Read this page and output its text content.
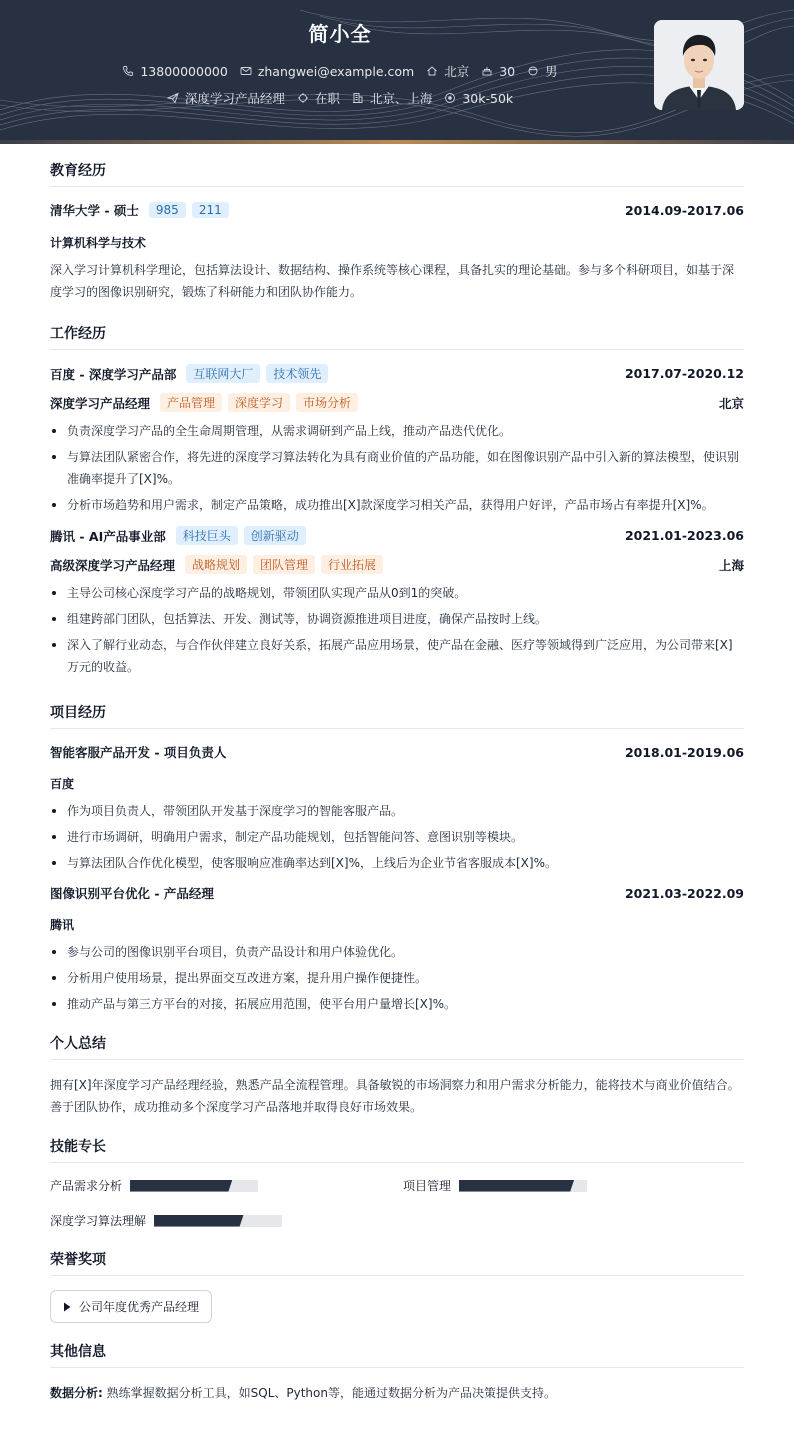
简小全
13800000000 zhangwei@example.com 北京 30 男
深度学习产品经理 在职 北京、上海 30k-50k
教育经历
清华大学 - 硕士	985	211	2014.09-2017.06
计算机科学与技术
深入学习计算机科学理论，包括算法设计、数据结构、操作系统等核心课程，具备扎实的理论基础。参与多个科研项目，如基于深度学习的图像识别研究，锻炼了科研能力和团队协作能力。
工作经历
百度 - 深度学习产品部	互联网大厂	技术领先	2017.07-2020.12
深度学习产品经理	产品管理	深度学习	市场分析	北京
负责深度学习产品的全生命周期管理，从需求调研到产品上线，推动产品迭代优化。
与算法团队紧密合作，将先进的深度学习算法转化为具有商业价值的产品功能，如在图像识别产品中引入新的算法模型，使识别准确率提升了[X]%。
分析市场趋势和用户需求，制定产品策略，成功推出[X]款深度学习相关产品，获得用户好评，产品市场占有率提升[X]%。
腾讯 - AI产品事业部	科技巨头	创新驱动	2021.01-2023.06
高级深度学习产品经理	战略规划	团队管理	行业拓展	上海
主导公司核心深度学习产品的战略规划，带领团队实现产品从0到1的突破。
组建跨部门团队，包括算法、开发、测试等，协调资源推进项目进度，确保产品按时上线。
深入了解行业动态，与合作伙伴建立良好关系，拓展产品应用场景，使产品在金融、医疗等领域得到广泛应用，为公司带来[X]万元的收益。
项目经历
智能客服产品开发 - 项目负责人	2018.01-2019.06
百度
作为项目负责人，带领团队开发基于深度学习的智能客服产品。
进行市场调研，明确用户需求，制定产品功能规划，包括智能问答、意图识别等模块。
与算法团队合作优化模型，使客服响应准确率达到[X]%，上线后为企业节省客服成本[X]%。
图像识别平台优化 - 产品经理	2021.03-2022.09
腾讯
参与公司的图像识别平台项目，负责产品设计和用户体验优化。
分析用户使用场景，提出界面交互改进方案，提升用户操作便捷性。
推动产品与第三方平台的对接，拓展应用范围，使平台用户量增长[X]%。
个人总结
拥有[X]年深度学习产品经理经验，熟悉产品全流程管理。具备敏锐的市场洞察力和用户需求分析能力，能将技术与商业价值结合。善于团队协作，成功推动多个深度学习产品落地并取得良好市场效果。
技能专长
产品需求分析	项目管理
深度学习算法理解
荣誉奖项
公司年度优秀产品经理
其他信息
数据分析: 熟练掌握数据分析工具，如SQL、Python等，能通过数据分析为产品决策提供支持。
